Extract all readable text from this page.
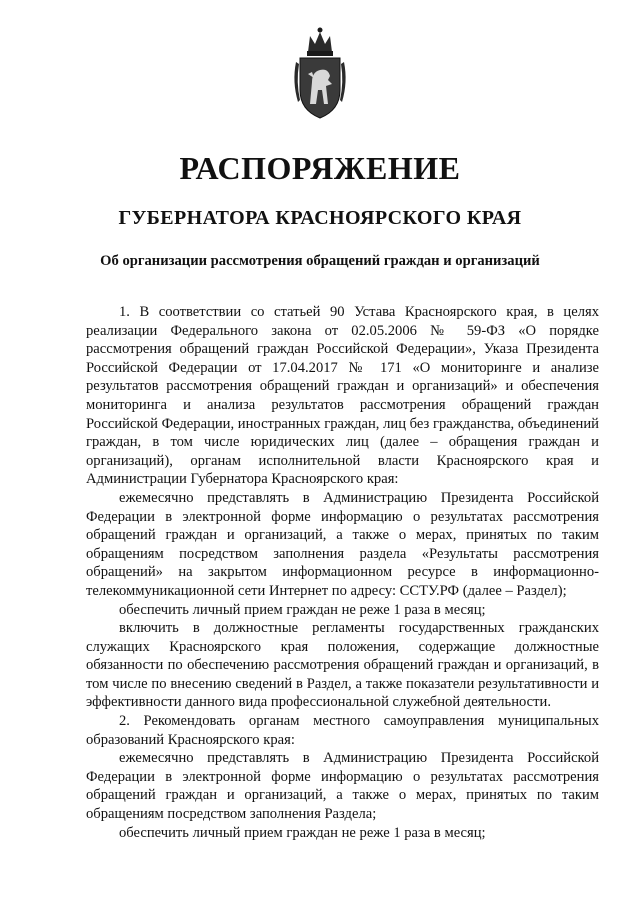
РАСПОРЯЖЕНИЕ
ГУБЕРНАТОРА КРАСНОЯРСКОГО КРАЯ
Об организации рассмотрения обращений граждан и организаций

1. В соответствии со статьей 90 Устава Красноярского края, в целях реализации Федерального закона от 02.05.2006 № 59-ФЗ «О порядке рассмотрения обращений граждан Российской Федерации», Указа Президента Российской Федерации от 17.04.2017 № 171 «О мониторинге и анализе результатов рассмотрения обращений граждан и организаций» и обеспечения мониторинга и анализа результатов рассмотрения обращений граждан Российской Федерации, иностранных граждан, лиц без гражданства, объединений граждан, в том числе юридических лиц (далее – обращения граждан и организаций), органам исполнительной власти Красноярского края и Администрации Губернатора Красноярского края:

ежемесячно представлять в Администрацию Президента Российской Федерации в электронной форме информацию о результатах рассмотрения обращений граждан и организаций, а также о мерах, принятых по таким обращениям посредством заполнения раздела «Результаты рассмотрения обращений» на закрытом информационном ресурсе в информационно-телекоммуникационной сети Интернет по адресу: ССТУ.РФ (далее – Раздел);

обеспечить личный прием граждан не реже 1 раза в месяц;

включить в должностные регламенты государственных гражданских служащих Красноярского края положения, содержащие должностные обязанности по обеспечению рассмотрения обращений граждан и организаций, в том числе по внесению сведений в Раздел, а также показатели результативности и эффективности данного вида профессиональной служебной деятельности.

2. Рекомендовать органам местного самоуправления муниципальных образований Красноярского края:

ежемесячно представлять в Администрацию Президента Российской Федерации в электронной форме информацию о результатах рассмотрения обращений граждан и организаций, а также о мерах, принятых по таким обращениям посредством заполнения Раздела;

обеспечить личный прием граждан не реже 1 раза в месяц;
